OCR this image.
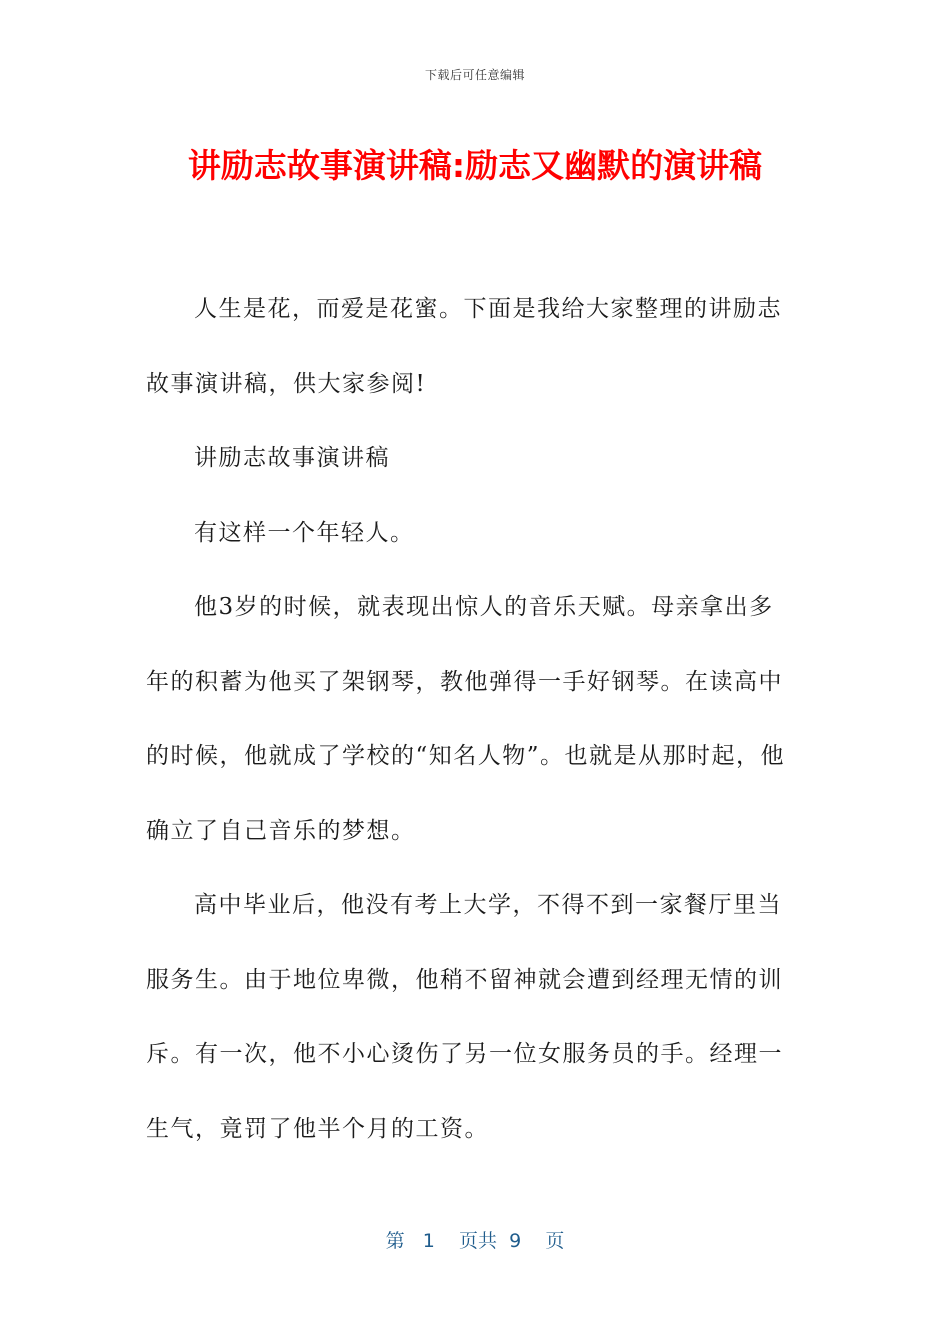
下载后可任意编辑
讲励志故事演讲稿:励志又幽默的演讲稿

人生是花，而爱是花蜜。下面是我给大家整理的讲励志故事演讲稿，供大家参阅!

讲励志故事演讲稿

有这样一个年轻人。

他3岁的时候，就表现出惊人的音乐天赋。母亲拿出多年的积蓄为他买了架钢琴，教他弹得一手好钢琴。在读高中的时候，他就成了学校的“知名人物”。也就是从那时起，他确立了自己音乐的梦想。

高中毕业后，他没有考上大学，不得不到一家餐厅里当服务生。由于地位卑微，他稍不留神就会遭到经理无情的训斥。有一次，他不小心烫伤了另一位女服务员的手。经理一生气，竟罚了他半个月的工资。

第 1 页共 9 页
